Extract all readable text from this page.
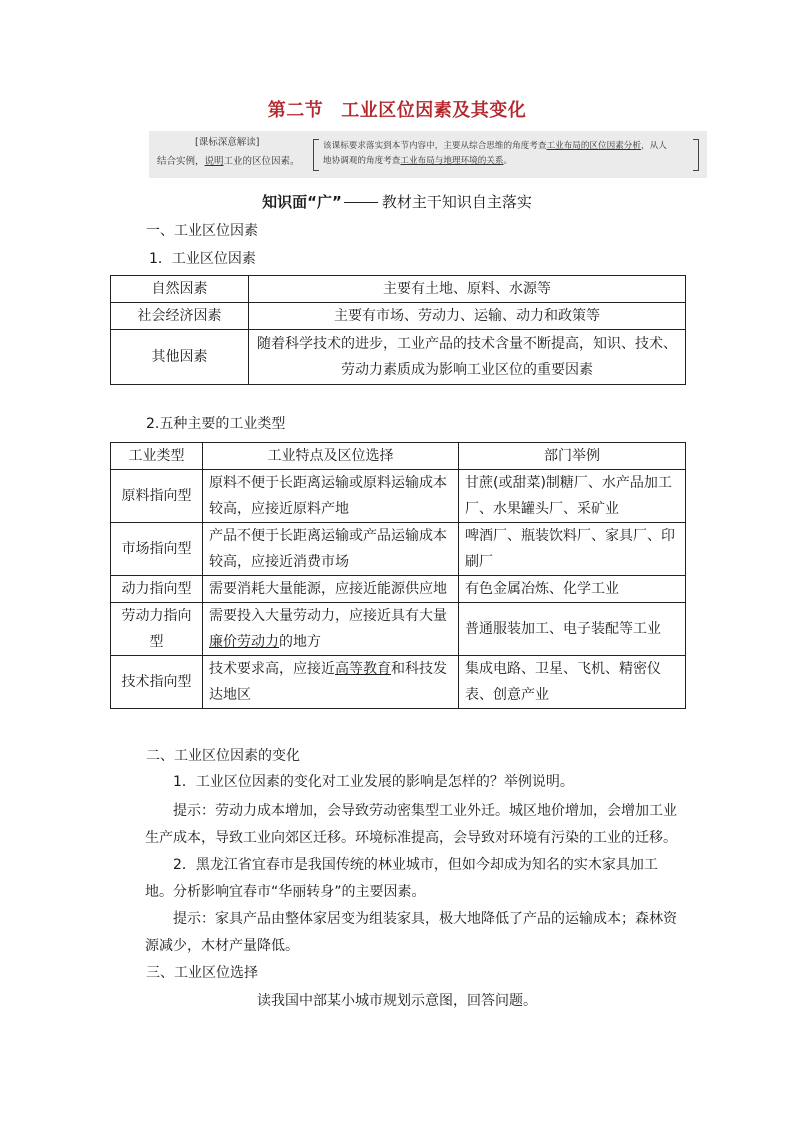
第二节 工业区位因素及其变化
[课标深意解读]
结合实例，说明工业的区位因素。
该课标要求落实到本节内容中，主要从综合思维的角度考查工业布局的区位因素分析，从人
地协调观的角度考查工业布局与地理环境的关系。
知识面“广”	教材主干知识自主落实
一、工业区位因素
1．工业区位因素
自然因素	主要有土地、原料、水源等
社会经济因素	主要有市场、劳动力、运输、动力和政策等
其他因素	随着科学技术的进步，工业产品的技术含量不断提高，知识、技术、劳动力素质成为影响工业区位的重要因素
2.五种主要的工业类型
工业类型	工业特点及区位选择	部门举例
原料指向型	原料不便于长距离运输或原料运输成本较高，应接近原料产地	甘蔗(或甜菜)制糖厂、水产品加工厂、水果罐头厂、采矿业
市场指向型	产品不便于长距离运输或产品运输成本较高，应接近消费市场	啤酒厂、瓶装饮料厂、家具厂、印刷厂
动力指向型	需要消耗大量能源，应接近能源供应地	有色金属冶炼、化学工业
劳动力指向型	需要投入大量劳动力，应接近具有大量廉价劳动力的地方	普通服装加工、电子装配等工业
技术指向型	技术要求高，应接近高等教育和科技发达地区	集成电路、卫星、飞机、精密仪表、创意产业
二、工业区位因素的变化
1．工业区位因素的变化对工业发展的影响是怎样的？举例说明。
提示：劳动力成本增加，会导致劳动密集型工业外迁。城区地价增加，会增加工业生产成本，导致工业向郊区迁移。环境标准提高，会导致对环境有污染的工业的迁移。
2．黑龙江省宜春市是我国传统的林业城市，但如今却成为知名的实木家具加工地。分析影响宜春市“华丽转身”的主要因素。
提示：家具产品由整体家居变为组装家具，极大地降低了产品的运输成本；森林资源减少，木材产量降低。
三、工业区位选择
读我国中部某小城市规划示意图，回答问题。
